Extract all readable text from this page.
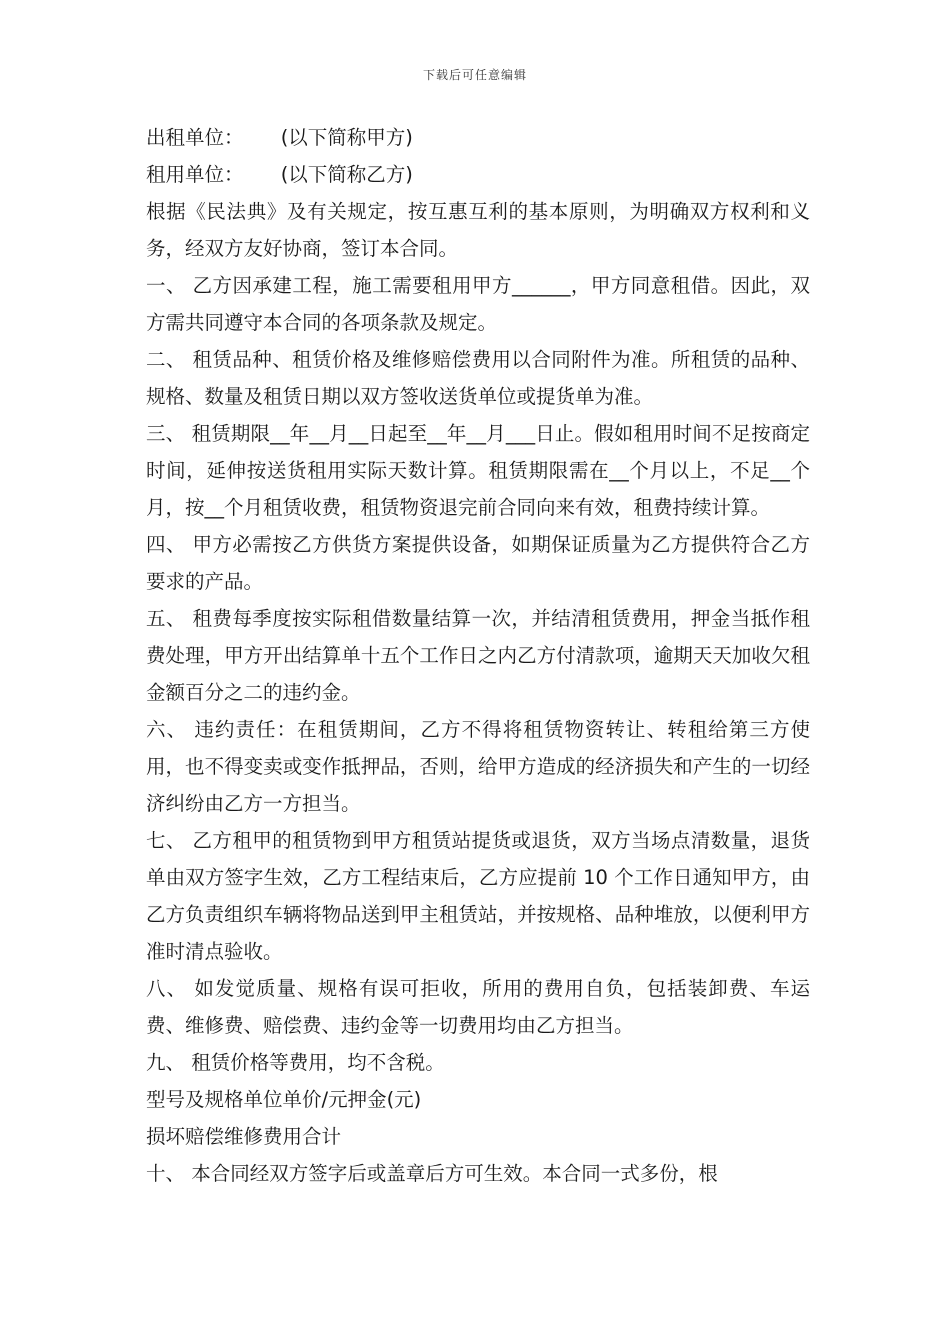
下载后可任意编辑

出租单位：      (以下简称甲方)

租用单位：      (以下简称乙方)

根据《民法典》及有关规定，按互惠互利的基本原则，为明确双方权利和义务，经双方友好协商，签订本合同。

一、 乙方因承建工程，施工需要租用甲方______，甲方同意租借。因此，双方需共同遵守本合同的各项条款及规定。

二、 租赁品种、租赁价格及维修赔偿费用以合同附件为准。所租赁的品种、规格、数量及租赁日期以双方签收送货单位或提货单为准。

三、 租赁期限__年__月__日起至__年__月___日止。假如租用时间不足按商定时间，延伸按送货租用实际天数计算。租赁期限需在__个月以上，不足__个月，按__个月租赁收费，租赁物资退完前合同向来有效，租费持续计算。

四、 甲方必需按乙方供货方案提供设备，如期保证质量为乙方提供符合乙方要求的产品。

五、 租费每季度按实际租借数量结算一次，并结清租赁费用，押金当抵作租费处理，甲方开出结算单十五个工作日之内乙方付清款项，逾期天天加收欠租金额百分之二的违约金。

六、 违约责任：在租赁期间，乙方不得将租赁物资转让、转租给第三方使用，也不得变卖或变作抵押品，否则，给甲方造成的经济损失和产生的一切经济纠纷由乙方一方担当。

七、 乙方租甲的租赁物到甲方租赁站提货或退货，双方当场点清数量，退货单由双方签字生效，乙方工程结束后，乙方应提前 10 个工作日通知甲方，由乙方负责组织车辆将物品送到甲主租赁站，并按规格、品种堆放，以便利甲方准时清点验收。

八、 如发觉质量、规格有误可拒收，所用的费用自负，包括装卸费、车运费、维修费、赔偿费、违约金等一切费用均由乙方担当。

九、 租赁价格等费用，均不含税。

型号及规格单位单价/元押金(元)

损坏赔偿维修费用合计

十、 本合同经双方签字后或盖章后方可生效。本合同一式多份，根
